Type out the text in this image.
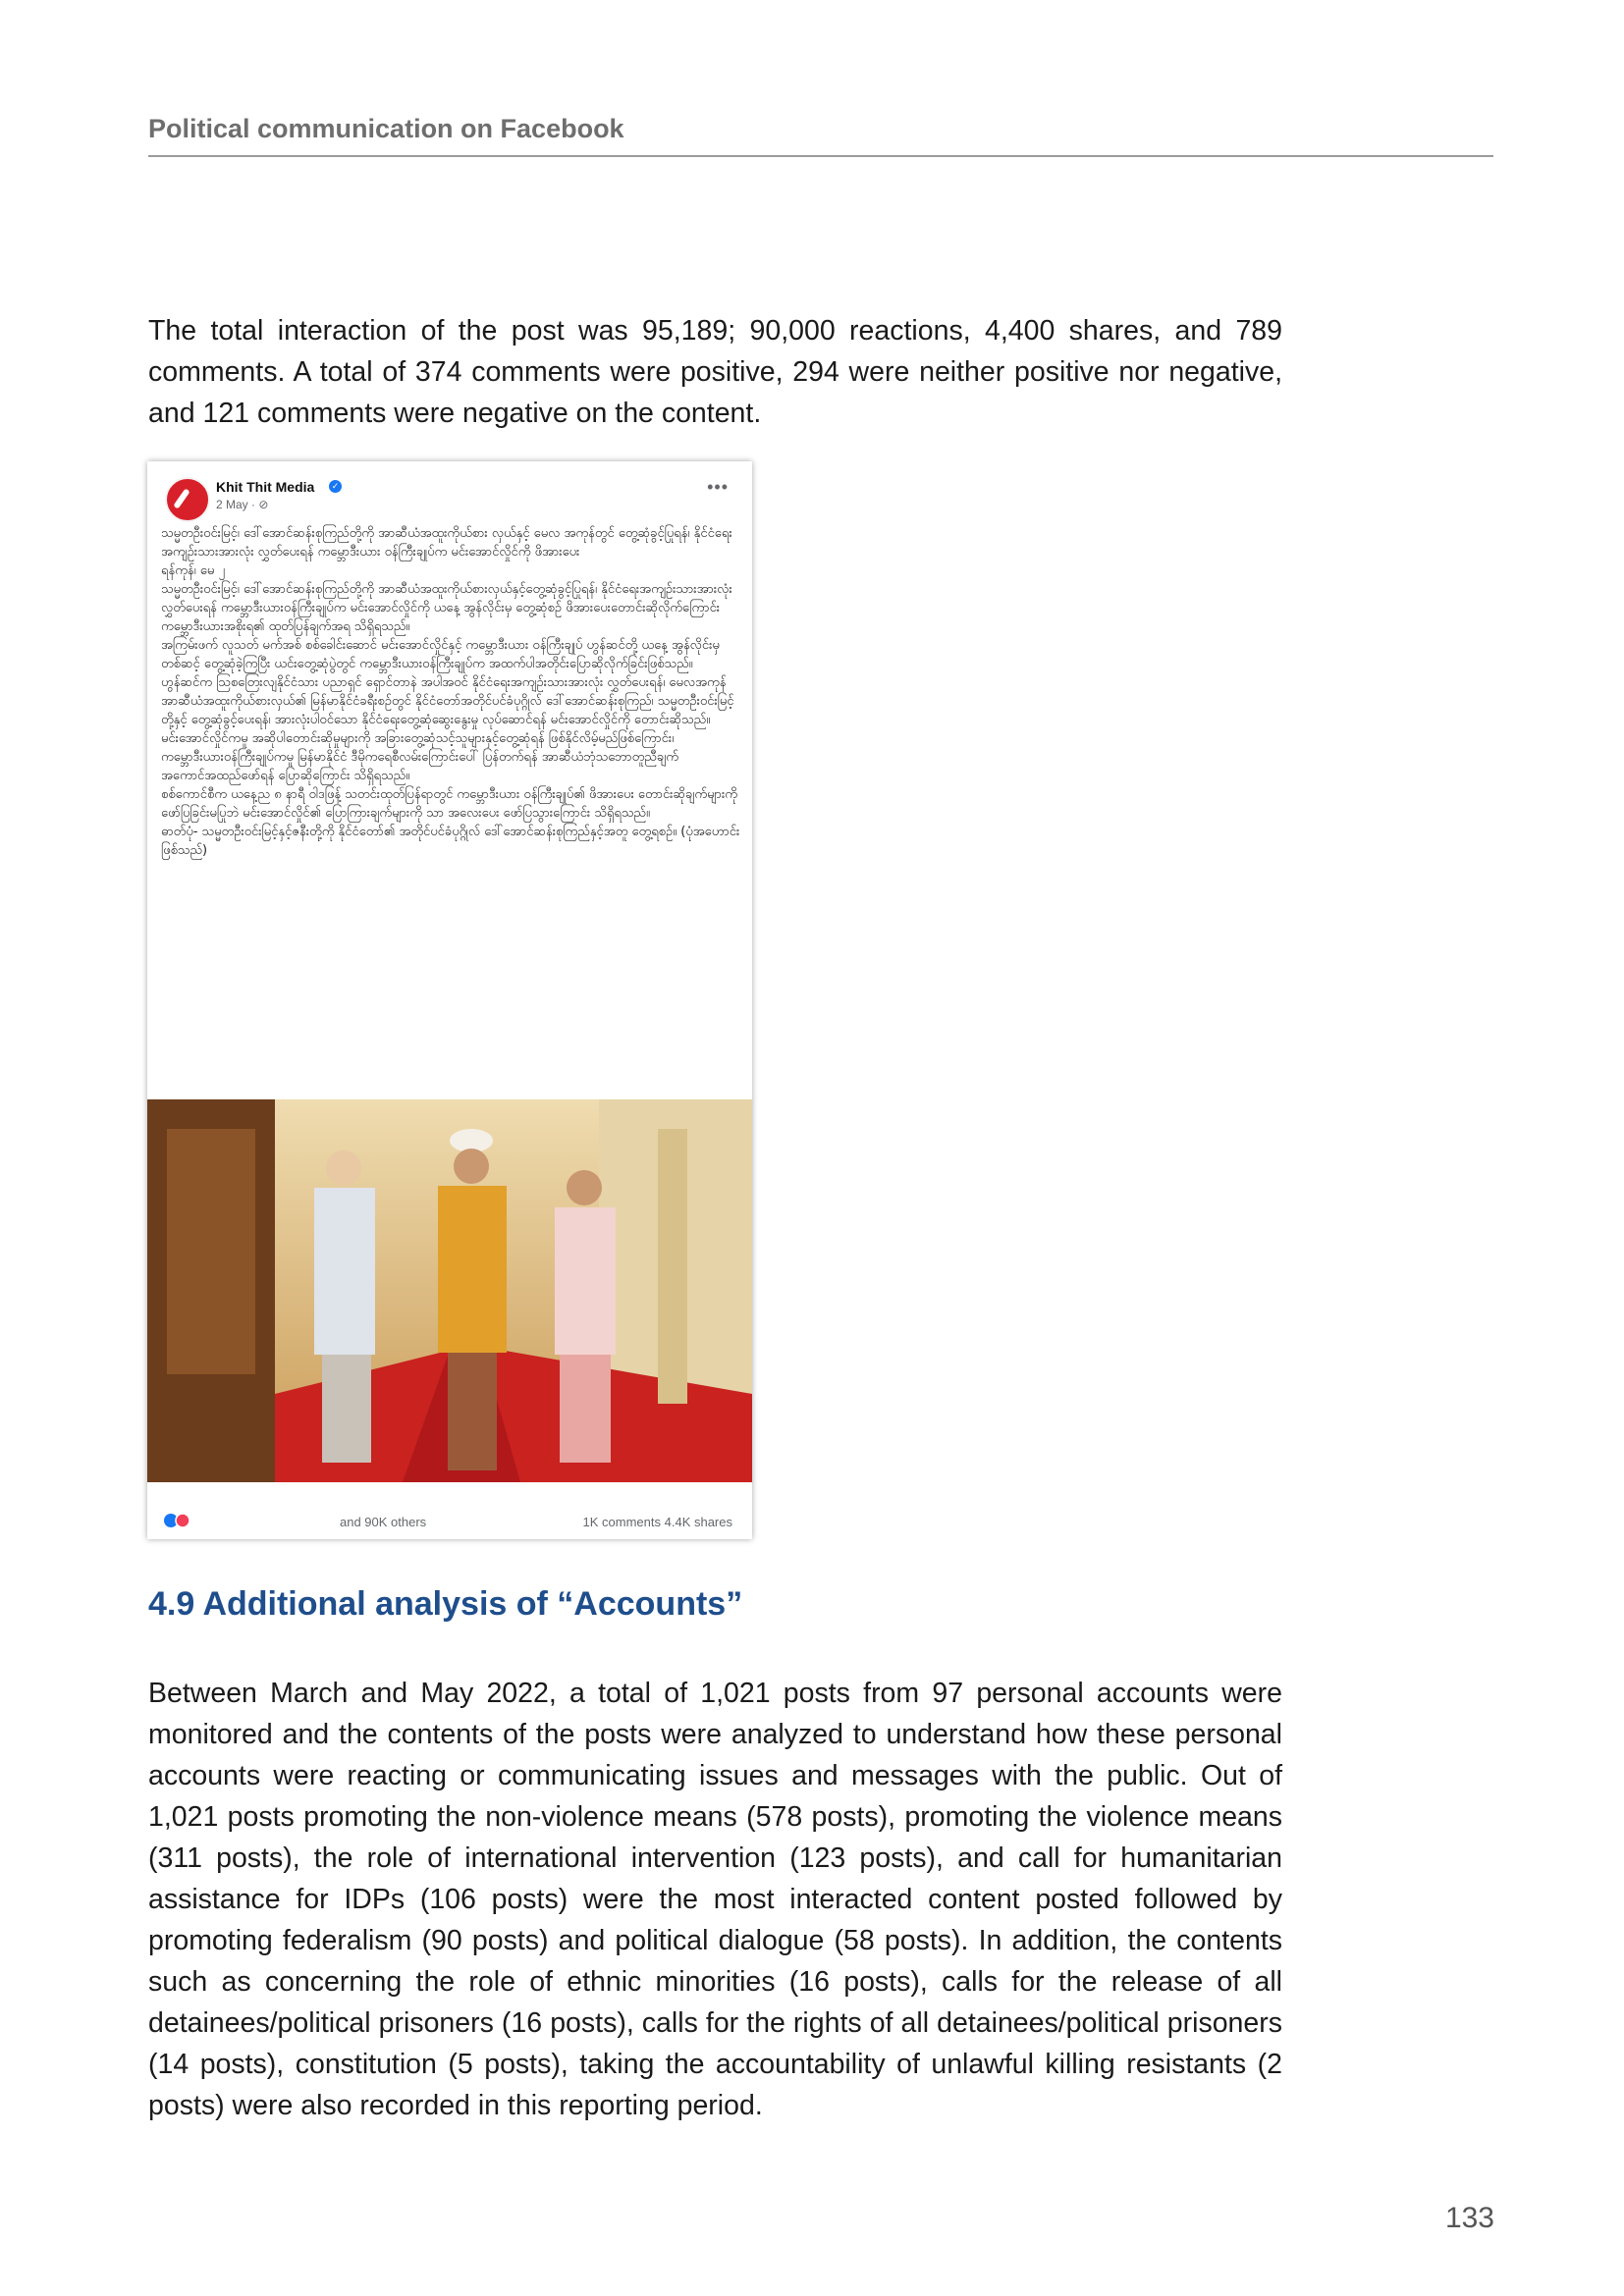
Political communication on Facebook

The total interaction of the post was 95,189; 90,000 reactions, 4,400 shares, and 789 comments. A total of 374 comments were positive, 294 were neither positive nor negative, and 121 comments were negative on the content.

Khit Thit Media	✓
2 May · ⊘
•••

သမ္မတဦးဝင်းမြင့်၊ ဒေါ်အောင်ဆန်းစုကြည်တို့ကို အာဆီယံအထူးကိုယ်စား လှယ်နှင့် မေလ အကုန်တွင် တွေ့ဆုံခွင့်ပြုရန်၊ နိုင်ငံရေးအကျဉ်းသားအားလုံး လွှတ်ပေးရန် ကမ္ဘောဒီးယား ဝန်ကြီးချုပ်က မင်းအောင်လှိုင်ကို ဖိအားပေး
ရန်ကုန်၊ မေ ၂
သမ္မတဦးဝင်းမြင့်၊ ဒေါ်အောင်ဆန်းစုကြည်တို့ကို အာဆီယံအထူးကိုယ်စားလှယ်နှင့်တွေ့ဆုံခွင့်ပြုရန်၊ နိုင်ငံရေးအကျဉ်းသားအားလုံး လွှတ်ပေးရန် ကမ္ဘောဒီးယားဝန်ကြီးချုပ်က မင်းအောင်လှိုင်ကို ယနေ့ အွန်လိုင်းမှ တွေ့ဆုံစဉ် ဖိအားပေးတောင်းဆိုလိုက်ကြောင်း ကမ္ဘောဒီးယားအစိုးရ၏ ထုတ်ပြန်ချက်အရ သိရှိရသည်။
အကြမ်းဖက် လူသတ် မက်အစ် စစ်ခေါင်းဆောင် မင်းအောင်လှိုင်နှင့် ကမ္ဘောဒီးယား ဝန်ကြီးချုပ် ဟွန်ဆင်တို့ ယနေ့ အွန်လိုင်းမှတစ်ဆင့် တွေ့ဆုံခဲ့ကြပြီး ယင်းတွေ့ဆုံပွဲတွင် ကမ္ဘောဒီးယားဝန်ကြီးချုပ်က အထက်ပါအတိုင်းပြောဆိုလိုက်ခြင်းဖြစ်သည်။
ဟွန်ဆင်က ဩစတြေးလျနိုင်ငံသား ပညာရှင် ရှောင်တာနဲ အပါအဝင် နိုင်ငံရေးအကျဉ်းသားအားလုံး လွှတ်ပေးရန်၊ မေလအကုန် အာဆီယံအထူးကိုယ်စားလှယ်၏ မြန်မာနိုင်ငံခရီးစဉ်တွင် နိုင်ငံတော်အတိုင်ပင်ခံပုဂ္ဂိုလ် ဒေါ်အောင်ဆန်းစုကြည်၊ သမ္မတဦးဝင်းမြင့်တို့နှင့် တွေ့ဆုံခွင့်ပေးရန်၊ အားလုံးပါဝင်သော နိုင်ငံရေးတွေ့ဆုံဆွေးနွေးမှု လုပ်ဆောင်ရန် မင်းအောင်လှိုင်ကို တောင်းဆိုသည်။
မင်းအောင်လှိုင်ကမူ အဆိုပါတောင်းဆိုမှုများကို အခြားတွေ့ဆုံသင့်သူများနှင့်တွေ့ဆုံရန် ဖြစ်နိုင်လိမ့်မည်ဖြစ်ကြောင်း၊ ကမ္ဘောဒီးယားဝန်ကြီးချုပ်ကမူ မြန်မာနိုင်ငံ ဒီမိုကရေစီလမ်းကြောင်းပေါ် ပြန်တက်ရန် အာဆီယံဘုံသဘောတူညီချက်အကောင်အထည်ဖော်ရန် ပြောဆိုကြောင်း သိရှိရသည်။
စစ်ကောင်စီက ယနေ့ည ၈ နာရီ ဝါဒဖြန့် သတင်းထုတ်ပြန်ရာတွင် ကမ္ဘောဒီးယား ဝန်ကြီးချုပ်၏ ဖိအားပေး တောင်းဆိုချက်များကို ဖော်ပြခြင်းမပြုဘဲ မင်းအောင်လှိုင်၏ ပြောကြားချက်များကို သာ အလေးပေး ဖော်ပြသွားကြောင်း သိရှိရသည်။
ဓာတ်ပုံ- သမ္မတဦးဝင်းမြင့်နှင့်ဇနီးတို့ကို နိုင်ငံတော်၏ အတိုင်ပင်ခံပုဂ္ဂိုလ် ဒေါ်အောင်ဆန်းစုကြည်နှင့်အတူ တွေ့ရစဉ်။ (ပုံအဟောင်းဖြစ်သည်)

and 90K others	1K comments 4.4K shares
4.9 Additional analysis of “Accounts”

Between March and May 2022, a total of 1,021 posts from 97 personal accounts were monitored and the contents of the posts were analyzed to understand how these personal accounts were reacting or communicating issues and messages with the public. Out of 1,021 posts promoting the non-violence means (578 posts), promoting the violence means (311 posts), the role of international intervention (123 posts), and call for humanitarian assistance for IDPs (106 posts) were the most interacted content posted followed by promoting federalism (90 posts) and political dialogue (58 posts). In addition, the contents such as concerning the role of ethnic minorities (16 posts), calls for the release of all detainees/political prisoners (16 posts), calls for the rights of all detainees/political prisoners (14 posts), constitution (5 posts), taking the accountability of unlawful killing resistants (2 posts) were also recorded in this reporting period.

133
